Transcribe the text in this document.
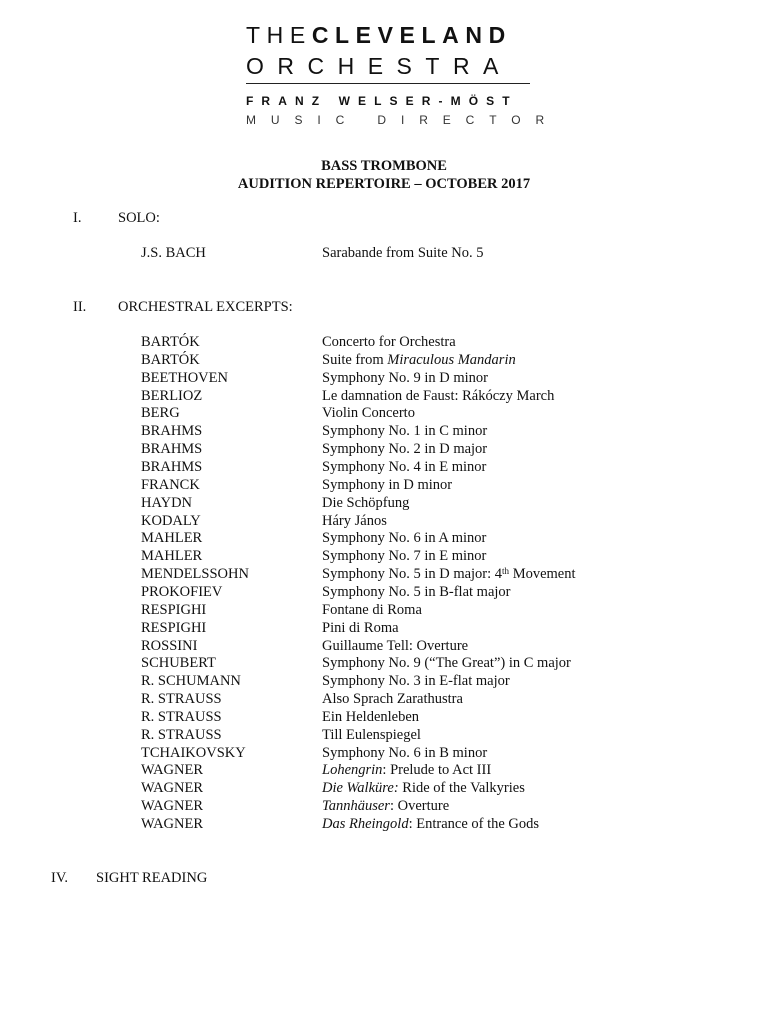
THECLEVELAND
ORCHESTRA
FRANZ WELSER-MÖST
MUSIC DIRECTOR
BASS TROMBONE
AUDITION REPERTOIRE – OCTOBER 2017
I.	SOLO:
J.S. BACH	Sarabande from Suite No. 5
II. ORCHESTRAL EXCERPTS:
BARTÓK	Concerto for Orchestra
BARTÓK	Suite from Miraculous Mandarin
BEETHOVEN	Symphony No. 9 in D minor
BERLIOZ	Le damnation de Faust: Rákóczy March
BERG	Violin Concerto
BRAHMS	Symphony No. 1 in C minor
BRAHMS	Symphony No. 2 in D major
BRAHMS	Symphony No. 4 in E minor
FRANCK	Symphony in D minor
HAYDN	Die Schöpfung
KODALY	Háry János
MAHLER	Symphony No. 6 in A minor
MAHLER	Symphony No. 7 in E minor
MENDELSSOHN	Symphony No. 5 in D major: 4th Movement
PROKOFIEV	Symphony No. 5 in B-flat major
RESPIGHI	Fontane di Roma
RESPIGHI	Pini di Roma
ROSSINI	Guillaume Tell: Overture
SCHUBERT	Symphony No. 9 (“The Great”) in C major
R. SCHUMANN	Symphony No. 3 in E-flat major
R. STRAUSS	Also Sprach Zarathustra
R. STRAUSS	Ein Heldenleben
R. STRAUSS	Till Eulenspiegel
TCHAIKOVSKY	Symphony No. 6 in B minor
WAGNER	Lohengrin: Prelude to Act III
WAGNER	Die Walküre: Ride of the Valkyries
WAGNER	Tannhäuser: Overture
WAGNER	Das Rheingold: Entrance of the Gods
IV. SIGHT READING
